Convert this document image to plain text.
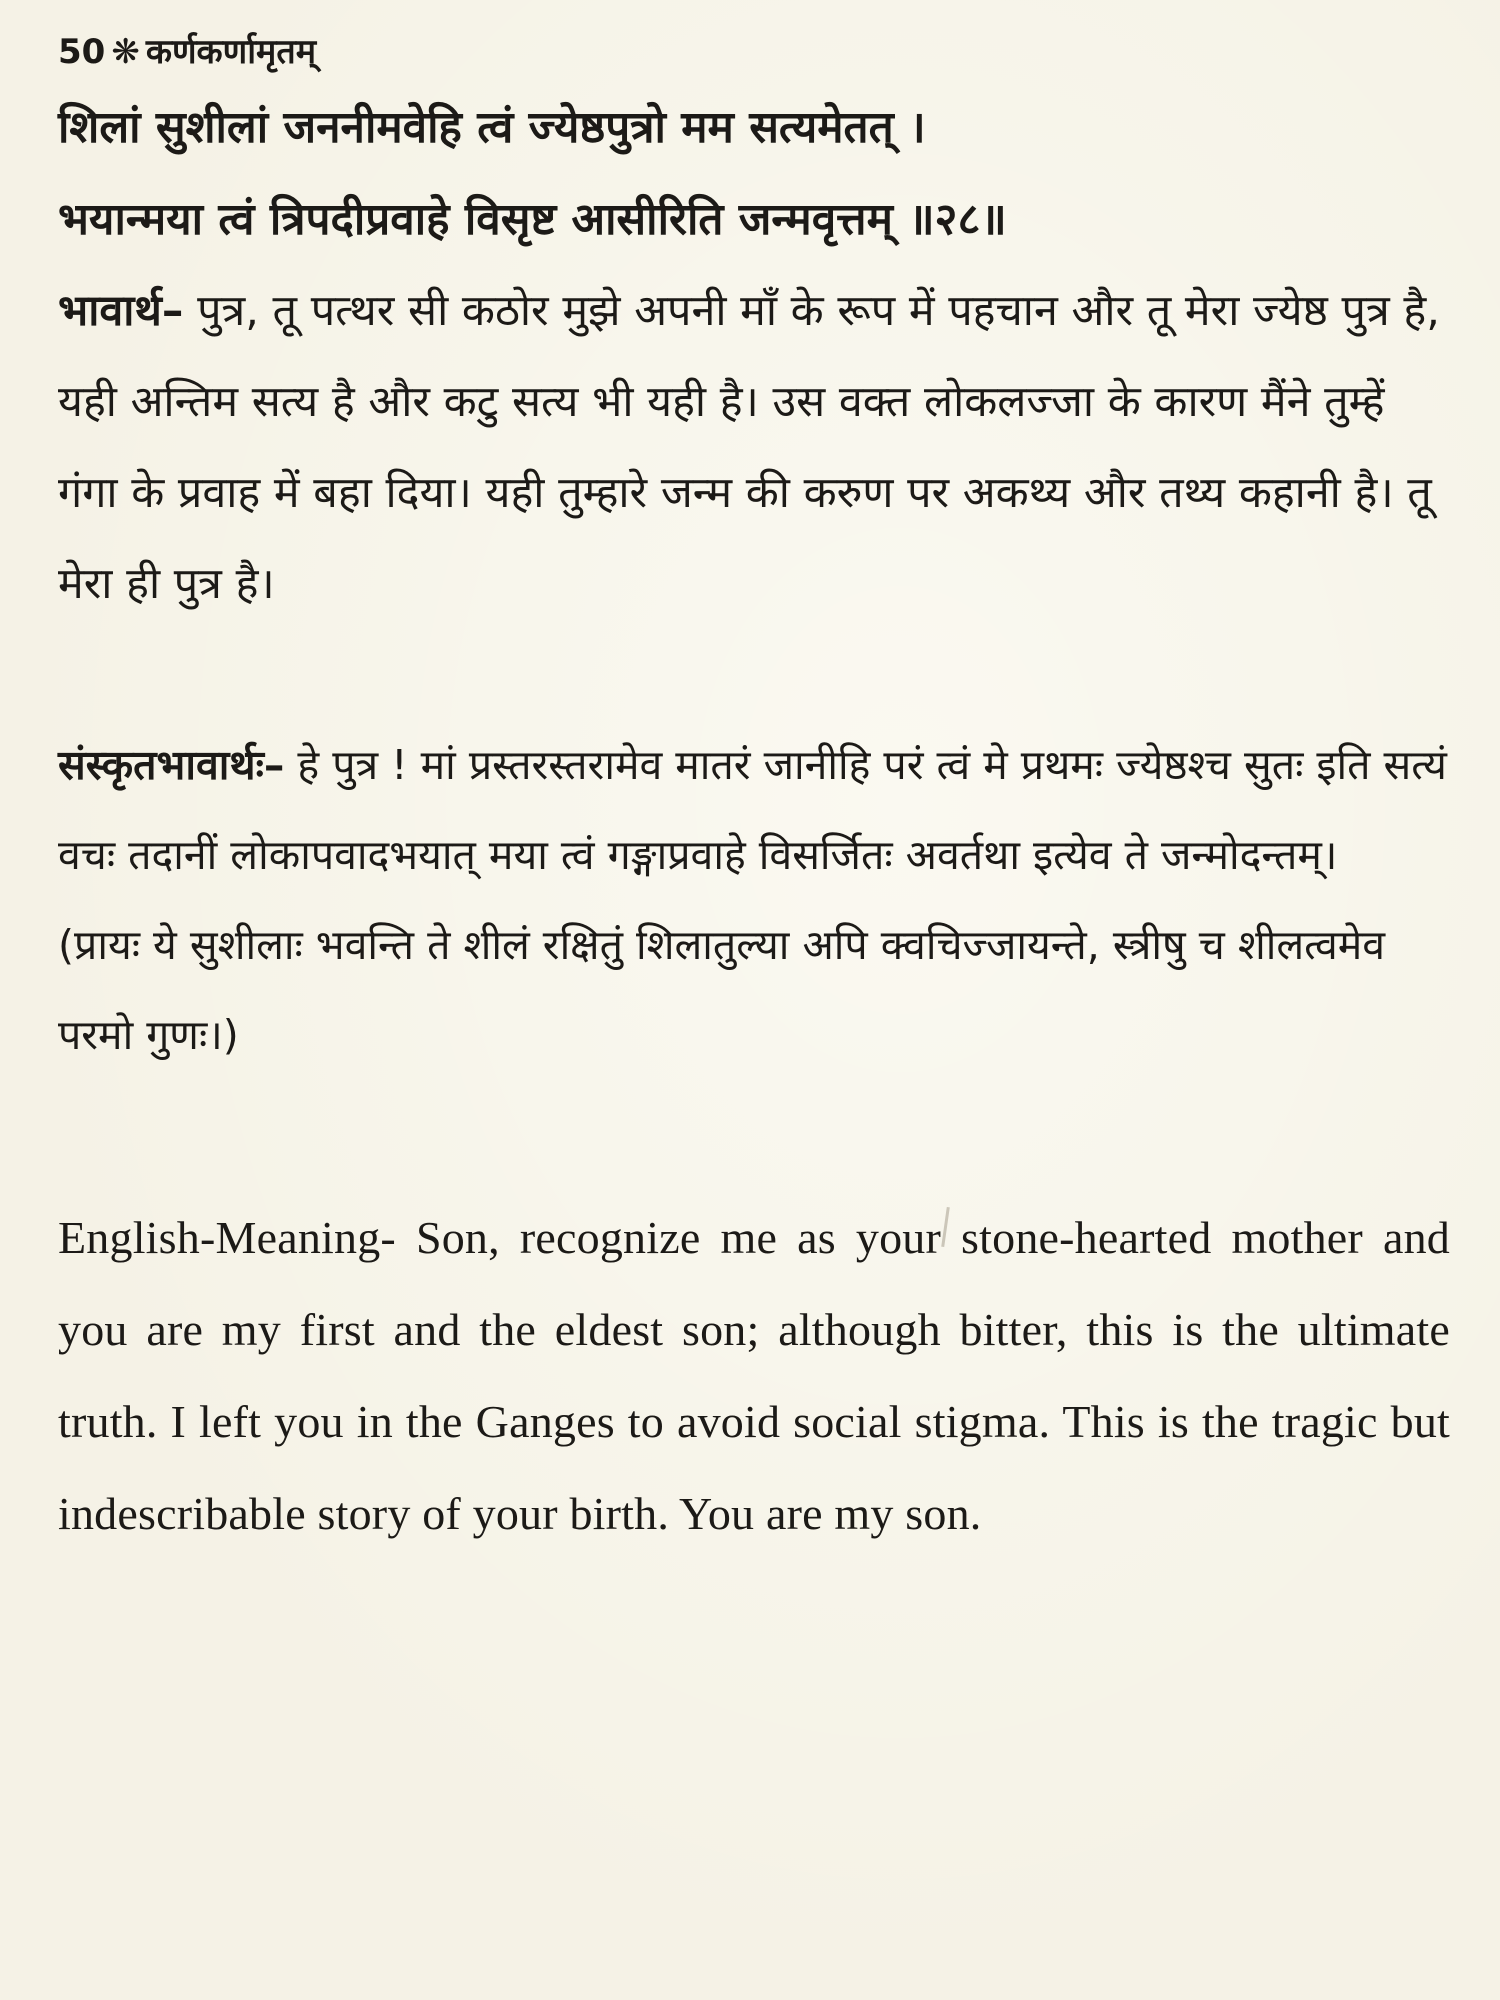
50 ❋ कर्णकर्णामृतम्
शिलां सुशीलां जननीमवेहि त्वं ज्येष्ठपुत्रो मम सत्यमेतत् ।
भयान्मया त्वं त्रिपदीप्रवाहे विसृष्ट आसीरिति जन्मवृत्तम् ॥२८॥

भावार्थ– पुत्र, तू पत्थर सी कठोर मुझे अपनी माँ के रूप में पहचान और तू मेरा ज्येष्ठ पुत्र है, यही अन्तिम सत्य है और कटु सत्य भी यही है। उस वक्त लोकलज्जा के कारण मैंने तुम्हें गंगा के प्रवाह में बहा दिया। यही तुम्हारे जन्म की करुण पर अकथ्य और तथ्य कहानी है। तू मेरा ही पुत्र है।

संस्कृतभावार्थः– हे पुत्र ! मां प्रस्तरस्तरामेव मातरं जानीहि परं त्वं मे प्रथमः ज्येष्ठश्च सुतः इति सत्यं वचः तदानीं लोकापवादभयात् मया त्वं गङ्गाप्रवाहे विसर्जितः अवर्तथा इत्येव ते जन्मोदन्तम्।

(प्रायः ये सुशीलाः भवन्ति ते शीलं रक्षितुं शिलातुल्या अपि क्वचिज्जायन्ते, स्त्रीषु च शीलत्वमेव परमो गुणः।)

English-Meaning- Son, recognize me as your stone-hearted mother and you are my first and the eldest son; although bitter, this is the ultimate truth. I left you in the Ganges to avoid social stigma. This is the tragic but indescribable story of your birth. You are my son.
